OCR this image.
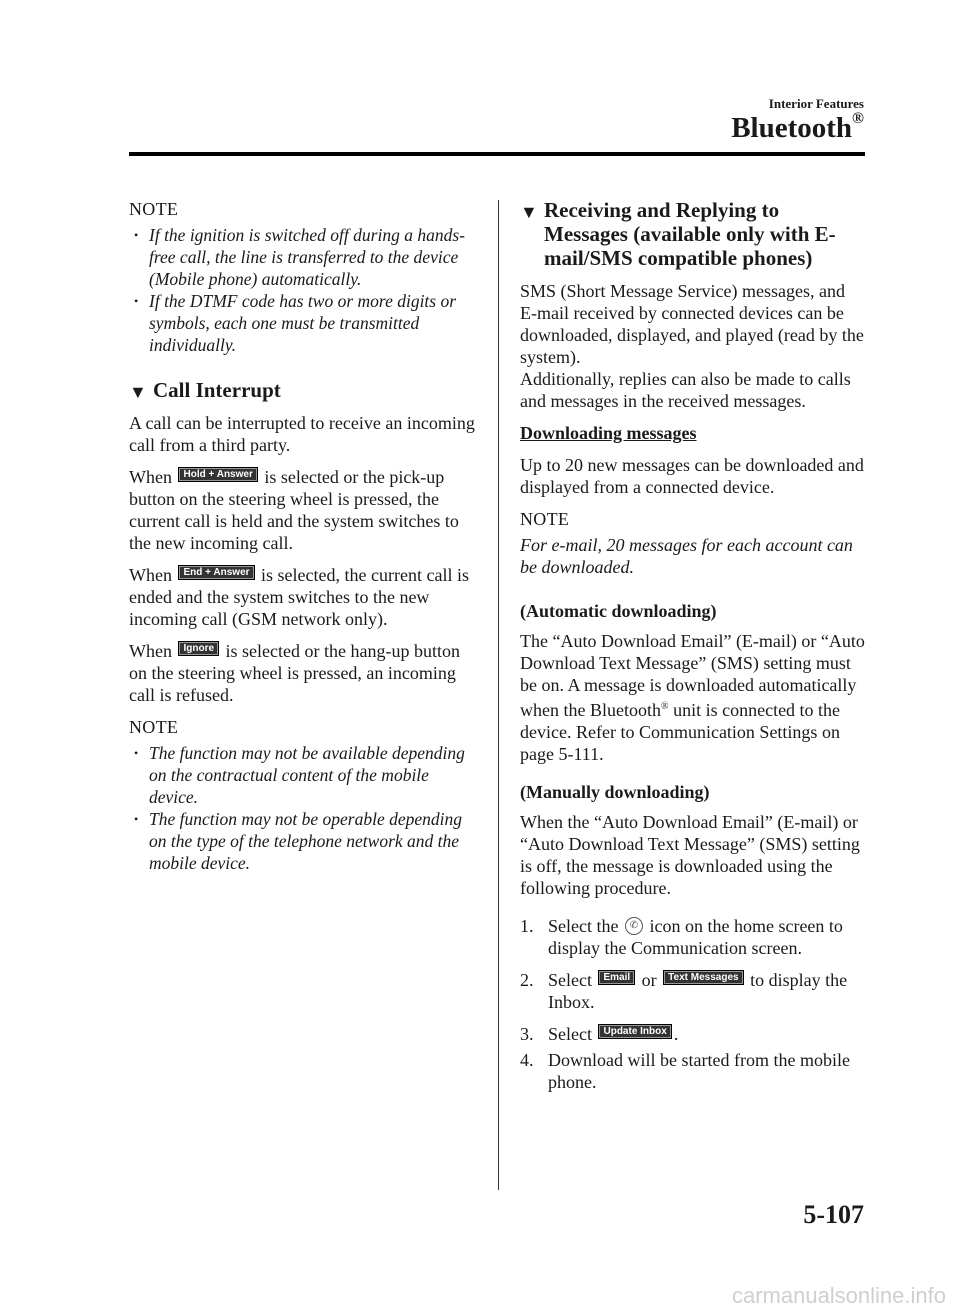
Interior Features
Bluetooth®
NOTE
• If the ignition is switched off during a hands-free call, the line is transferred to the device (Mobile phone) automatically.
• If the DTMF code has two or more digits or symbols, each one must be transmitted individually.
▼ Call Interrupt

A call can be interrupted to receive an incoming call from a third party.

When Hold + Answer is selected or the pick-up button on the steering wheel is pressed, the current call is held and the system switches to the new incoming call.

When End + Answer is selected, the current call is ended and the system switches to the new incoming call (GSM network only).

When Ignore is selected or the hang-up button on the steering wheel is pressed, an incoming call is refused.

NOTE
• The function may not be available depending on the contractual content of the mobile device.
• The function may not be operable depending on the type of the telephone network and the mobile device.
▼ Receiving and Replying to Messages (available only with E-mail/SMS compatible phones)

SMS (Short Message Service) messages, and E-mail received by connected devices can be downloaded, displayed, and played (read by the system).

Additionally, replies can also be made to calls and messages in the received messages.

Downloading messages

Up to 20 new messages can be downloaded and displayed from a connected device.

NOTE

For e-mail, 20 messages for each account can be downloaded.

(Automatic downloading)

The “Auto Download Email” (E-mail) or “Auto Download Text Message” (SMS) setting must be on. A message is downloaded automatically when the Bluetooth® unit is connected to the device. Refer to Communication Settings on page 5-111.

(Manually downloading)

When the “Auto Download Email” (E-mail) or “Auto Download Text Message” (SMS) setting is off, the message is downloaded using the following procedure.

1. Select the ✆ icon on the home screen to display the Communication screen.
2. Select Email or Text Messages to display the Inbox.
3. Select Update Inbox .
4. Download will be started from the mobile phone.
5-107
carmanualsonline.info
